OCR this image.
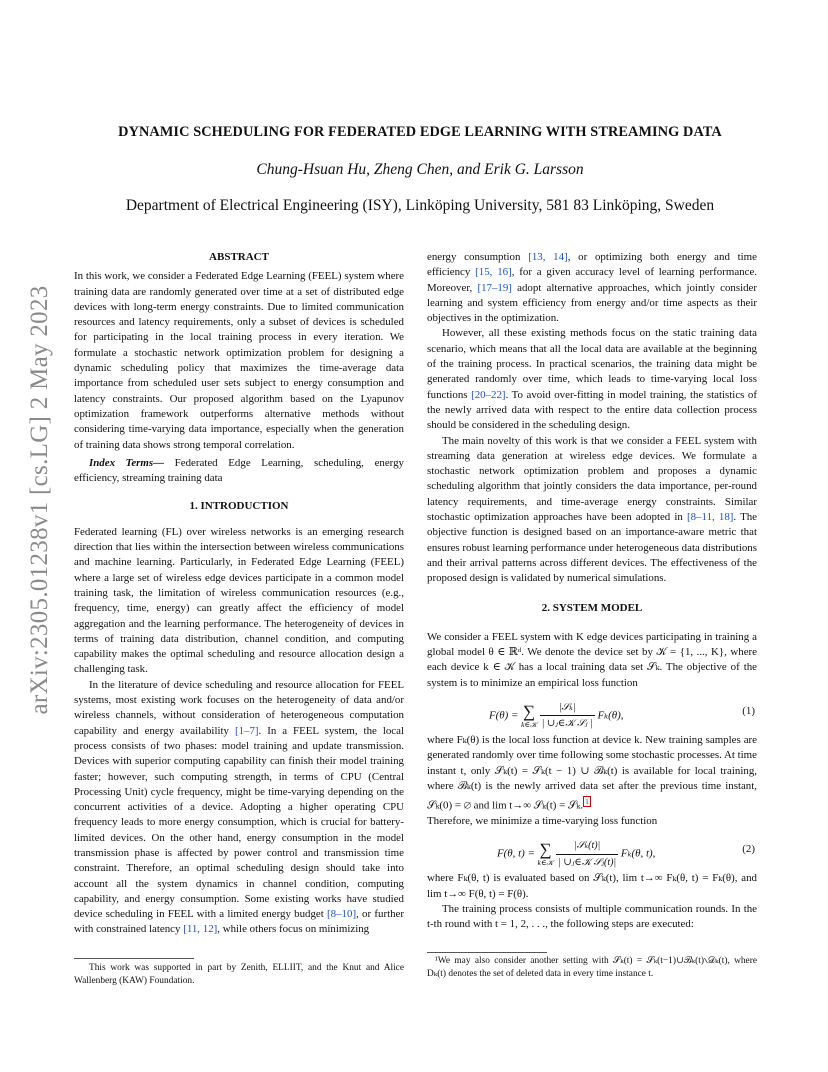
arXiv:2305.01238v1 [cs.LG] 2 May 2023
DYNAMIC SCHEDULING FOR FEDERATED EDGE LEARNING WITH STREAMING DATA
Chung-Hsuan Hu, Zheng Chen, and Erik G. Larsson
Department of Electrical Engineering (ISY), Linköping University, 581 83 Linköping, Sweden

ABSTRACT

In this work, we consider a Federated Edge Learning (FEEL) system where training data are randomly generated over time at a set of distributed edge devices with long-term energy constraints. Due to limited communication resources and latency requirements, only a subset of devices is scheduled for participating in the local training process in every iteration. We formulate a stochastic network optimization problem for designing a dynamic scheduling policy that maximizes the time-average data importance from scheduled user sets subject to energy consumption and latency constraints. Our proposed algorithm based on the Lyapunov optimization framework outperforms alternative methods without considering time-varying data importance, especially when the generation of training data shows strong temporal correlation.

Index Terms— Federated Edge Learning, scheduling, energy efficiency, streaming training data

1. INTRODUCTION

Federated learning (FL) over wireless networks is an emerging research direction that lies within the intersection between wireless communications and machine learning. Particularly, in Federated Edge Learning (FEEL) where a large set of wireless edge devices participate in a common model training task, the limitation of wireless communication resources (e.g., frequency, time, energy) can greatly affect the efficiency of model aggregation and the learning performance. The heterogeneity of devices in terms of training data distribution, channel condition, and computing capability makes the optimal scheduling and resource allocation design a challenging task.

In the literature of device scheduling and resource allocation for FEEL systems, most existing work focuses on the heterogeneity of data and/or wireless channels, without consideration of heterogeneous computation capability and energy availability [1–7]. In a FEEL system, the local process consists of two phases: model training and update transmission. Devices with superior computing capability can finish their model training faster; however, such computing strength, in terms of CPU (Central Processing Unit) cycle frequency, might be time-varying depending on the concurrent activities of a device. Adopting a higher operating CPU frequency leads to more energy consumption, which is crucial for battery-limited devices. On the other hand, energy consumption in the model transmission phase is affected by power control and transmission time constraint. Therefore, an optimal scheduling design should take into account all the system dynamics in channel condition, computing capability, and energy consumption. Some existing works have studied device scheduling in FEEL with a limited energy budget [8–10], or further with constrained latency [11, 12], while others focus on minimizing

This work was supported in part by Zenith, ELLIIT, and the Knut and Alice Wallenberg (KAW) Foundation.

energy consumption [13, 14], or optimizing both energy and time efficiency [15, 16], for a given accuracy level of learning performance. Moreover, [17–19] adopt alternative approaches, which jointly consider learning and system efficiency from energy and/or time aspects as their objectives in the optimization.

However, all these existing methods focus on the static training data scenario, which means that all the local data are available at the beginning of the training process. In practical scenarios, the training data might be generated randomly over time, which leads to time-varying local loss functions [20–22]. To avoid over-fitting in model training, the statistics of the newly arrived data with respect to the entire data collection process should be considered in the scheduling design.

The main novelty of this work is that we consider a FEEL system with streaming data generation at wireless edge devices. We formulate a stochastic network optimization problem and proposes a dynamic scheduling algorithm that jointly considers the data importance, per-round latency requirements, and time-average energy constraints. Similar stochastic optimization approaches have been adopted in [8–11, 18]. The objective function is designed based on an importance-aware metric that ensures robust learning performance under heterogeneous data distributions and their arrival patterns across different devices. The effectiveness of the proposed design is validated by numerical simulations.

2. SYSTEM MODEL

We consider a FEEL system with K edge devices participating in training a global model θ ∈ ℝᵈ. We denote the device set by 𝒦 = {1, ..., K}, where each device k ∈ 𝒦 has a local training data set 𝒮ₖ. The objective of the system is to minimize an empirical loss function

F(θ) = ∑
k∈𝒦
$\frac{\text{|𝒮ₖ|}}{\text{| ∪ⱼ∈𝒦 𝒮ⱼ |}} F_k(\theta)$,	(1)

where Fₖ(θ) is the local loss function at device k. New training samples are generated randomly over time following some stochastic processes. At time instant t, only 𝒮ₖ(t) = 𝒮ₖ(t − 1) ∪ ℬₖ(t) is available for local training, where ℬₖ(t) is the newly arrived data set after the previous time instant, 𝒮ₖ(0) = ∅ and lim t→∞ 𝒮ₖ(t) = 𝒮ₖ. $^1$

Therefore, we minimize a time-varying loss function

F(θ, t) = ∑
k∈𝒦
$\frac{\text{|𝒮ₖ(t)|}}{\text{| ∪ⱼ∈𝒦 𝒮ⱼ(t)|}} F_k(\theta$, t),	(2)

where Fₖ(θ, t) is evaluated based on 𝒮ₖ(t), lim t→∞ Fₖ(θ, t) = Fₖ(θ), and lim t→∞ F(θ, t) = F(θ).

The training process consists of multiple communication rounds. In the t-th round with t = 1, 2, . . ., the following steps are executed:

¹We may also consider another setting with 𝒮ₖ(t) = 𝒮ₖ(t−1)∪ℬₖ(t)∖𝒟ₖ(t), where Dₖ(t) denotes the set of deleted data in every time instance t.
